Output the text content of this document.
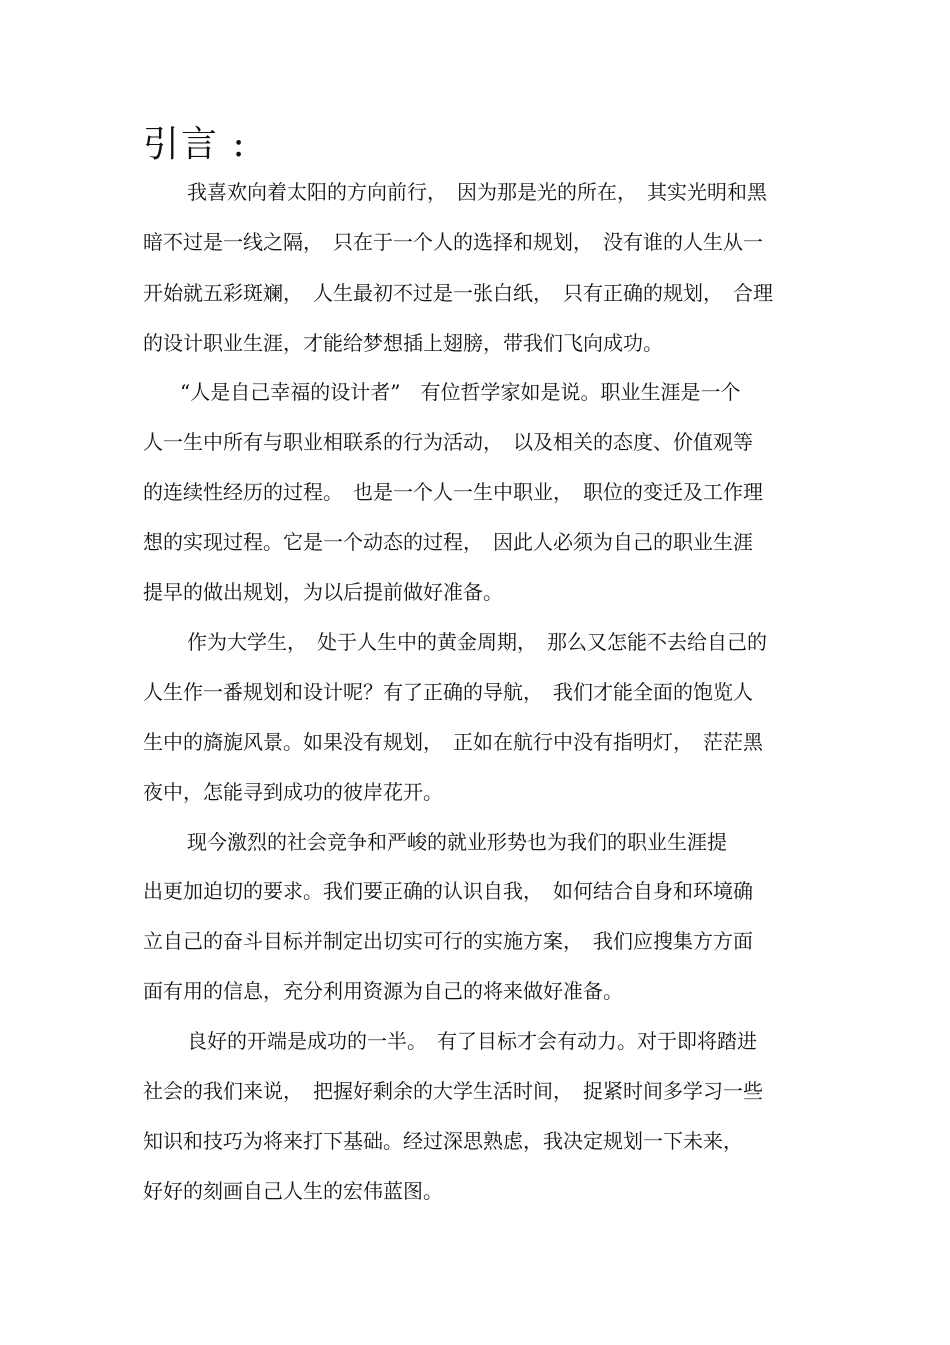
引言 :

我喜欢向着太阳的方向前行，　因为那是光的所在，　其实光明和黑

暗不过是一线之隔，　只在于一个人的选择和规划，　没有谁的人生从一

开始就五彩斑斓，　人生最初不过是一张白纸，　只有正确的规划，　合理

的设计职业生涯，才能给梦想插上翅膀，带我们飞向成功。

“人是自己幸福的设计者”　有位哲学家如是说。职业生涯是一个

人一生中所有与职业相联系的行为活动，　以及相关的态度、价值观等

的连续性经历的过程。　也是一个人一生中职业，　职位的变迁及工作理

想的实现过程。它是一个动态的过程，　因此人必须为自己的职业生涯

提早的做出规划，为以后提前做好准备。

作为大学生，　处于人生中的黄金周期，　那么又怎能不去给自己的

人生作一番规划和设计呢？有了正确的导航，　我们才能全面的饱览人

生中的旖旎风景。如果没有规划，　正如在航行中没有指明灯，　茫茫黑

夜中，怎能寻到成功的彼岸花开。

现今激烈的社会竞争和严峻的就业形势也为我们的职业生涯提

出更加迫切的要求。我们要正确的认识自我，　如何结合自身和环境确

立自己的奋斗目标并制定出切实可行的实施方案，　我们应搜集方方面

面有用的信息，充分利用资源为自己的将来做好准备。

良好的开端是成功的一半。　有了目标才会有动力。对于即将踏进

社会的我们来说，　把握好剩余的大学生活时间，　捉紧时间多学习一些

知识和技巧为将来打下基础。经过深思熟虑，我决定规划一下未来，

好好的刻画自己人生的宏伟蓝图。
